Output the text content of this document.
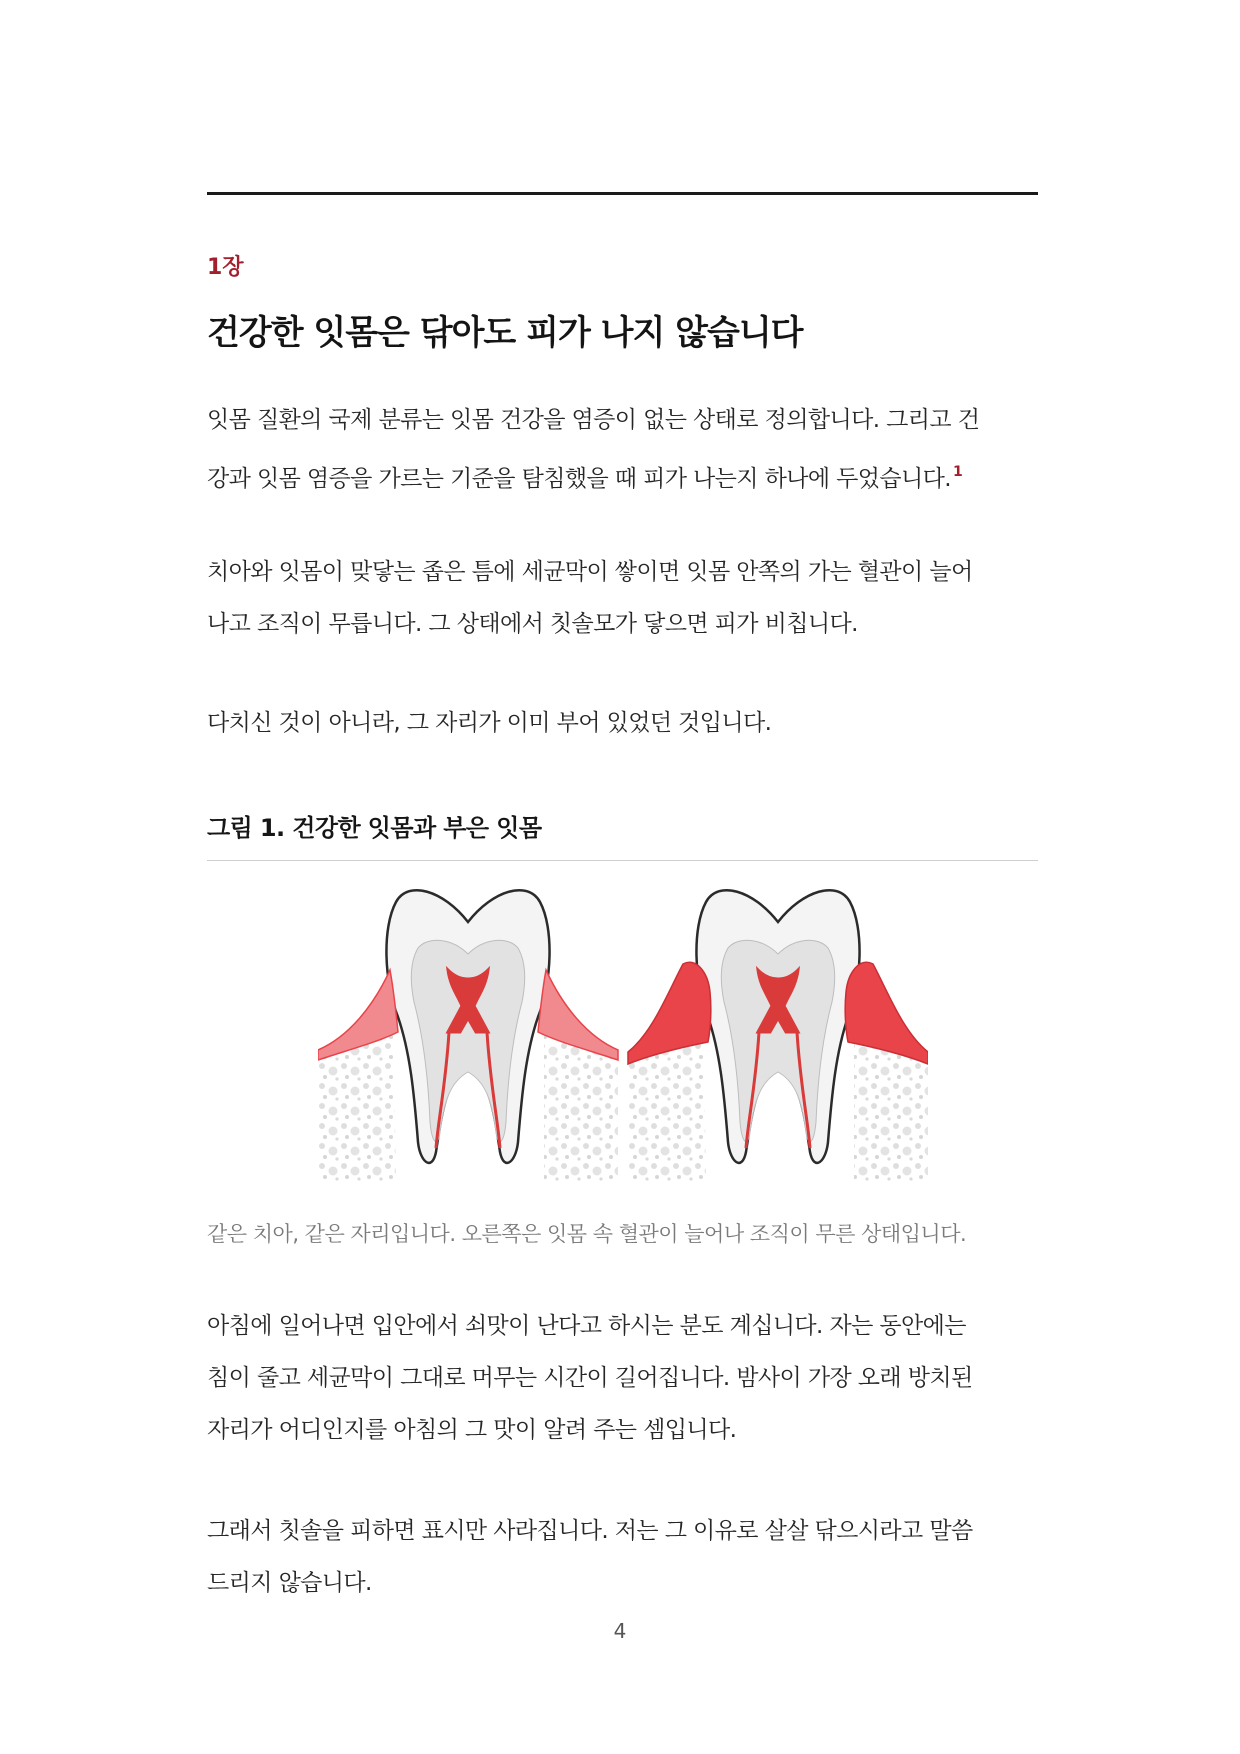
1장
건강한 잇몸은 닦아도 피가 나지 않습니다
잇몸 질환의 국제 분류는 잇몸 건강을 염증이 없는 상태로 정의합니다. 그리고 건
강과 잇몸 염증을 가르는 기준을 탐침했을 때 피가 나는지 하나에 두었습니다. $^1$
치아와 잇몸이 맞닿는 좁은 틈에 세균막이 쌓이면 잇몸 안쪽의 가는 혈관이 늘어
나고 조직이 무릅니다. 그 상태에서 칫솔모가 닿으면 피가 비칩니다.
다치신 것이 아니라, 그 자리가 이미 부어 있었던 것입니다.
그림 1. 건강한 잇몸과 부은 잇몸
같은 치아, 같은 자리입니다. 오른쪽은 잇몸 속 혈관이 늘어나 조직이 무른 상태입니다.
아침에 일어나면 입안에서 쇠맛이 난다고 하시는 분도 계십니다. 자는 동안에는
침이 줄고 세균막이 그대로 머무는 시간이 길어집니다. 밤사이 가장 오래 방치된
자리가 어디인지를 아침의 그 맛이 알려 주는 셈입니다.
그래서 칫솔을 피하면 표시만 사라집니다. 저는 그 이유로 살살 닦으시라고 말씀
드리지 않습니다.
4
